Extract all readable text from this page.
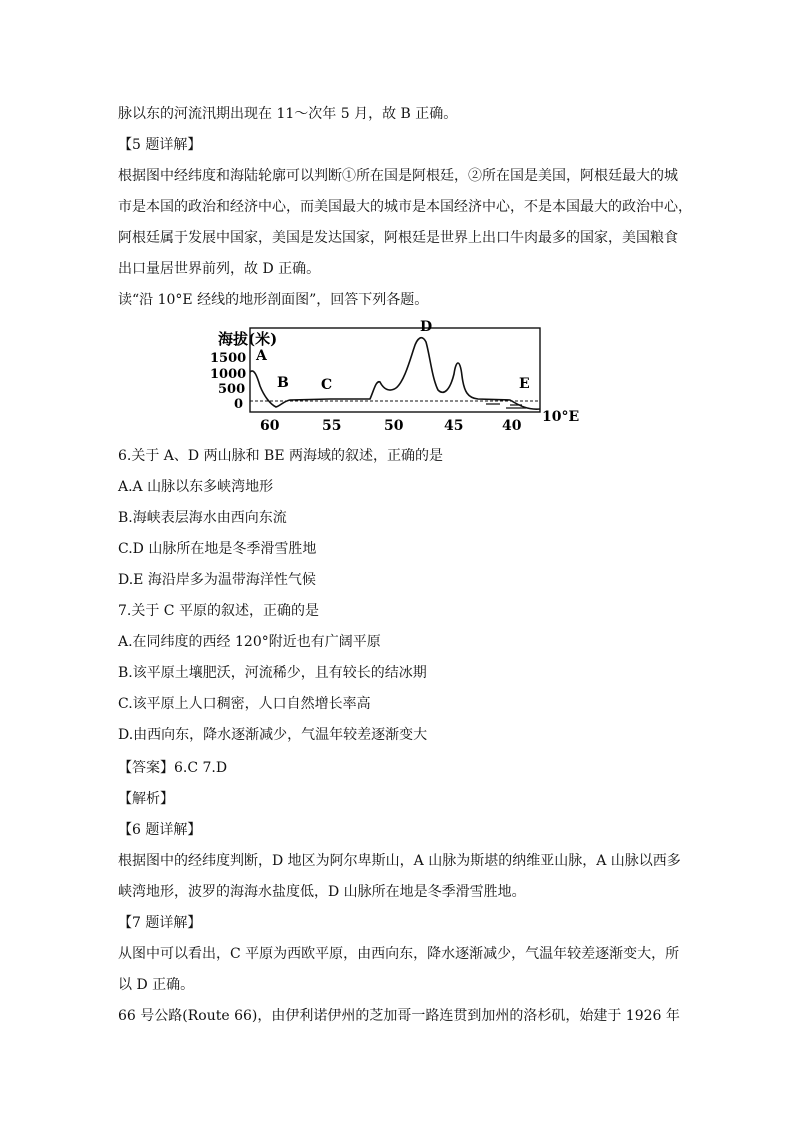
脉以东的河流汛期出现在 11～次年 5 月，故 B 正确。
【5 题详解】
根据图中经纬度和海陆轮廓可以判断①所在国是阿根廷，②所在国是美国，阿根廷最大的城
市是本国的政治和经济中心，而美国最大的城市是本国经济中心，不是本国最大的政治中心，
阿根廷属于发展中国家，美国是发达国家，阿根廷是世界上出口牛肉最多的国家，美国粮食
出口量居世界前列，故 D 正确。
读“沿 10°E 经线的地形剖面图”，回答下列各题。
6.关于 A、D 两山脉和 BE 两海域的叙述，正确的是
A.A 山脉以东多峡湾地形
B.海峡表层海水由西向东流
C.D 山脉所在地是冬季滑雪胜地
D.E 海沿岸多为温带海洋性气候
7.关于 C 平原的叙述，正确的是
A.在同纬度的西经 120°附近也有广阔平原
B.该平原土壤肥沃，河流稀少，且有较长的结冰期
C.该平原上人口稠密，人口自然增长率高
D.由西向东，降水逐渐减少，气温年较差逐渐变大
【答案】6.C 7.D
【解析】
【6 题详解】
根据图中的经纬度判断，D 地区为阿尔卑斯山，A 山脉为斯堪的纳维亚山脉，A 山脉以西多
峡湾地形，波罗的海海水盐度低，D 山脉所在地是冬季滑雪胜地。
【7 题详解】
从图中可以看出，C 平原为西欧平原，由西向东，降水逐渐减少，气温年较差逐渐变大，所
以 D 正确。
66 号公路(Route 66)，由伊利诺伊州的芝加哥一路连贯到加州的洛杉矶，始建于 1926 年
海拔(米)
1500
1000
500
0
A
B C
D
E
60	55	50	45	40
10°E
